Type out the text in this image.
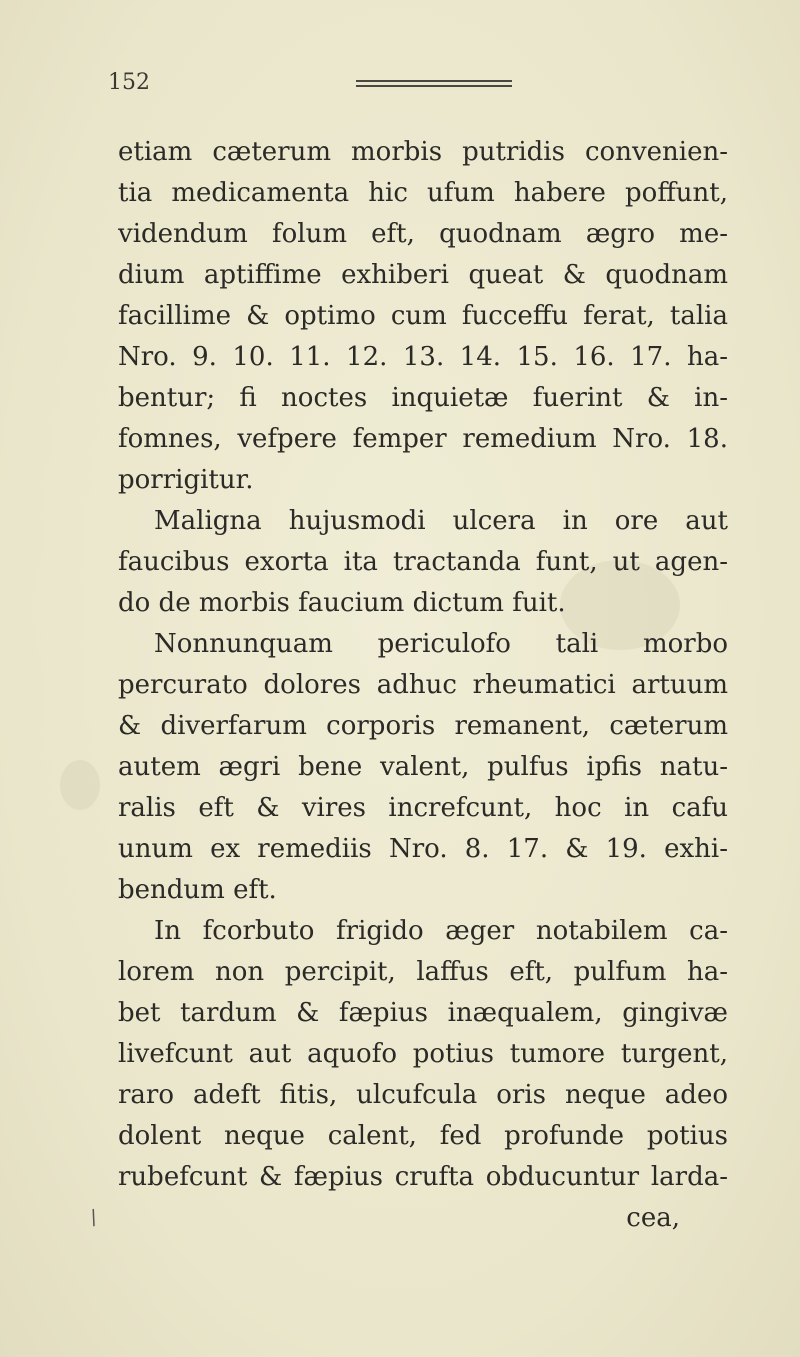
152
etiam cæterum morbis putridis convenien-
tia medicamenta hic ufum habere poffunt,
videndum folum eft, quodnam ægro me-
dium aptiffime exhiberi queat & quodnam
facillime & optimo cum fucceffu ferat, talia
Nro. 9. 10. 11. 12. 13. 14. 15. 16. 17. ha-
bentur; fi noctes inquietæ fuerint & in-
fomnes, vefpere femper remedium Nro. 18.
porrigitur.
Maligna hujusmodi ulcera in ore aut
faucibus exorta ita tractanda funt, ut agen-
do de morbis faucium dictum fuit.
Nonnunquam periculofo tali morbo
percurato dolores adhuc rheumatici artuum
& diverfarum corporis remanent, cæterum
autem ægri bene valent, pulfus ipfis natu-
ralis eft & vires increfcunt, hoc in cafu
unum ex remediis Nro. 8. 17. & 19. exhi-
bendum eft.
In fcorbuto frigido æger notabilem ca-
lorem non percipit, laffus eft, pulfum ha-
bet tardum & fæpius inæqualem, gingivæ
livefcunt aut aquofo potius tumore turgent,
raro adeft fitis, ulcufcula oris neque adeo
dolent neque calent, fed profunde potius
rubefcunt & fæpius crufta obducuntur larda-
cea,
/
